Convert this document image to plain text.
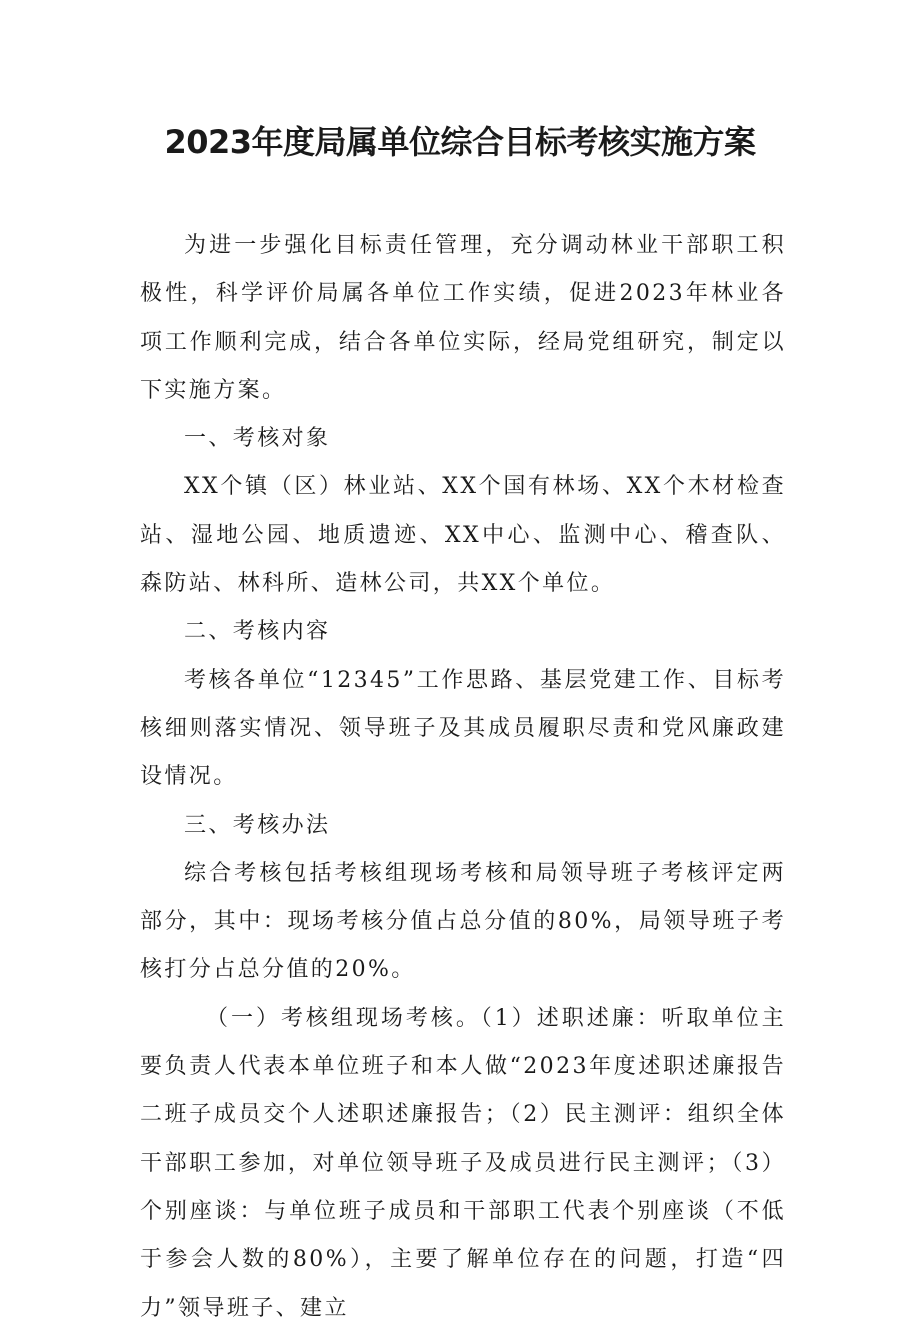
2023年度局属单位综合目标考核实施方案

为进一步强化目标责任管理，充分调动林业干部职工积极性，科学评价局属各单位工作实绩，促进2023年林业各项工作顺利完成，结合各单位实际，经局党组研究，制定以下实施方案。

一、考核对象

XX个镇（区）林业站、XX个国有林场、XX个木材检查站、湿地公园、地质遗迹、XX中心、监测中心、稽查队、森防站、林科所、造林公司，共XX个单位。

二、考核内容

考核各单位“12345”工作思路、基层党建工作、目标考核细则落实情况、领导班子及其成员履职尽责和党风廉政建设情况。

三、考核办法

综合考核包括考核组现场考核和局领导班子考核评定两部分，其中：现场考核分值占总分值的80%，局领导班子考核打分占总分值的20%。

（一）考核组现场考核。（1）述职述廉：听取单位主要负责人代表本单位班子和本人做“2023年度述职述廉报告二班子成员交个人述职述廉报告；（2）民主测评：组织全体干部职工参加，对单位领导班子及成员进行民主测评；（3）个别座谈：与单位班子成员和干部职工代表个别座谈（不低于参会人数的80%），主要了解单位存在的问题，打造“四力”领导班子、建立
